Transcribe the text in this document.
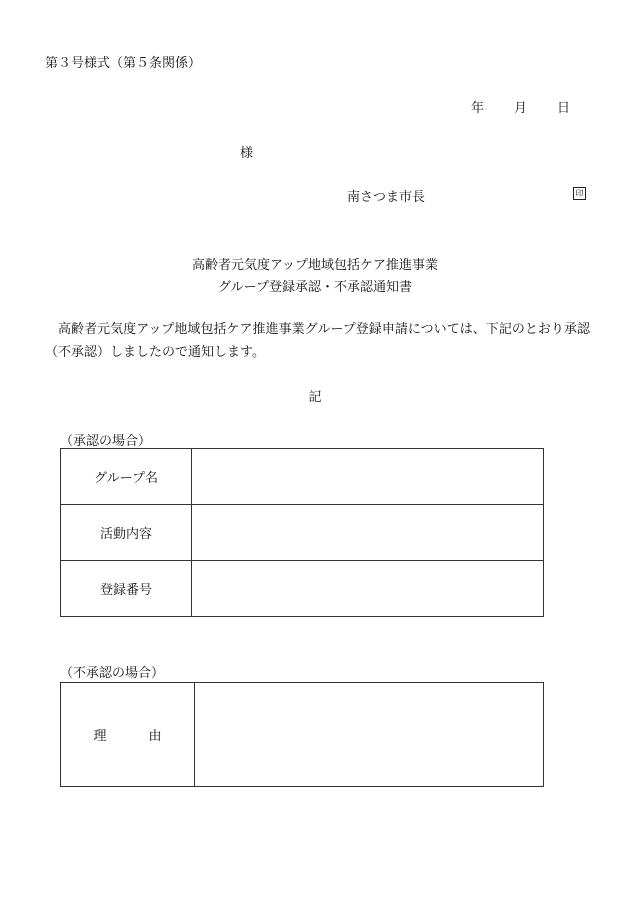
第３号様式（第５条関係）
年 月 日
様
南さつま市長	印
高齢者元気度アップ地域包括ケア推進事業
グループ登録承認・不承認通知書
　高齢者元気度アップ地域包括ケア推進事業グループ登録申請については、下記のとおり承認（不承認）しましたので通知します。
記
（承認の場合）
グループ名	
活動内容	
登録番号	
（不承認の場合）
理	由	
